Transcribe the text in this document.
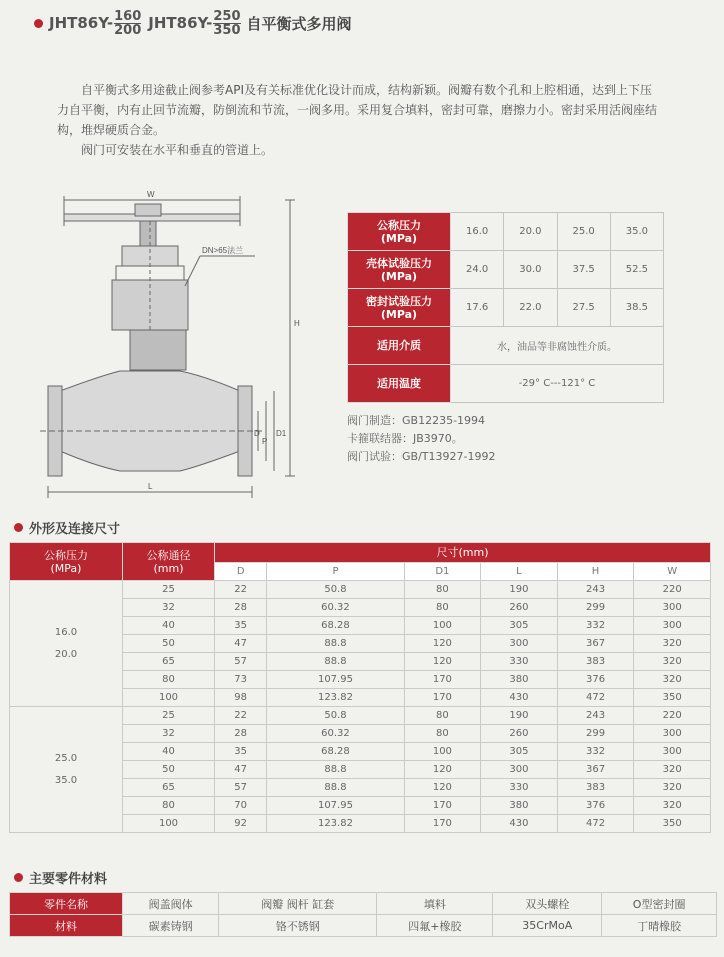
$JHT86Y- \frac{160}{200} JHT86Y- \frac{250}{350}$ 自平衡式多用阀

自平衡式多用途截止阀参考API及有关标准优化设计而成，结构新颖。阀瓣有数个孔和上腔相通，达到上下压力自平衡，内有止回节流瓣，防倒流和节流，一阀多用。采用复合填料，密封可靠，磨擦力小。密封采用活阀座结构，堆焊硬质合金。

阀门可安装在水平和垂直的管道上。

W
DN>65法兰
H
L
D
P
D1
公称压力
(MPa)	16.0	20.0	25.0	35.0
壳体试验压力
(MPa)	24.0	30.0	37.5	52.5
密封试验压力
(MPa)	17.6	22.0	27.5	38.5
适用介质	水，油品等非腐蚀性介质。			
适用温度	-29° C---121° C			
阀门制造：GB12235-1994
卡箍联结器：JB3970。
阀门试验：GB/T13927-1992
外形及连接尺寸
公称压力
(MPa)	公称通径
(mm)	尺寸(mm)					
		D	P	D1	L	H	W

16.0
20.0	25	22	50.8	80	190	243	220
	32	28	60.32	80	260	299	300
	40	35	68.28	100	305	332	300
	50	47	88.8	120	300	367	320
	65	57	88.8	120	330	383	320
	80	73	107.95	170	380	376	320
	100	98	123.82	170	430	472	350

25.0
35.0	25	22	50.8	80	190	243	220
	32	28	60.32	80	260	299	300
	40	35	68.28	100	305	332	300
	50	47	88.8	120	300	367	320
	65	57	88.8	120	330	383	320
	80	70	107.95	170	380	376	320
	100	92	123.82	170	430	472	350
主要零件材料
零件名称	阀盖阀体	阀瓣 阀杆 缸套	填料	双头螺栓	O型密封圈
材料	碳素铸钢	铬不锈钢	四氟+橡胶	35CrMoA	丁晴橡胶
